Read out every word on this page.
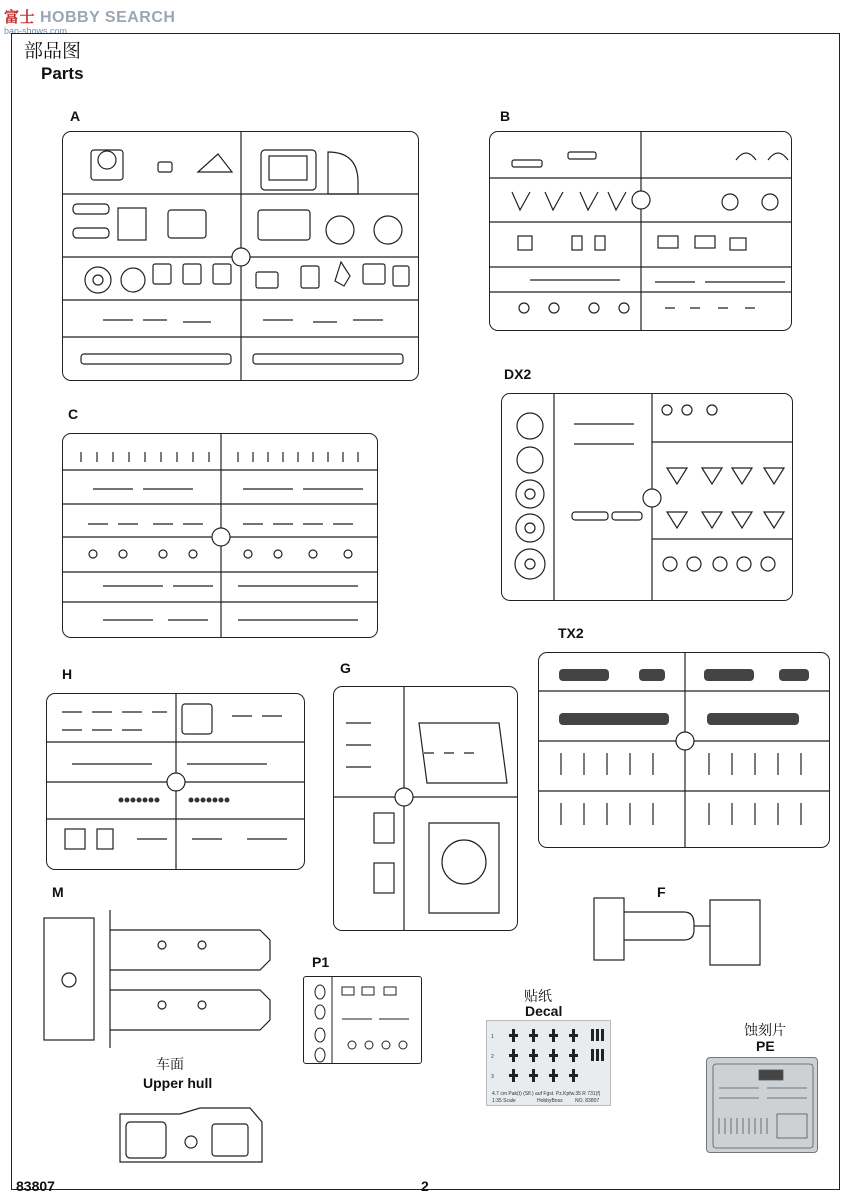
富士 HOBBY SEARCH
bao-shows.com
部品图
Parts
A	B
DX2
C
H	G
TX2
M	F
P1
车面
Upper hull
贴纸
Decal
1
2
3
4.7 cm Pak(t) (Sfl.) auf Fgst. Pz.Kpfw.35 R 731(f)
1:35 Scale	HobbyBoss NO. 83807
蚀刻片
PE
83807	2
